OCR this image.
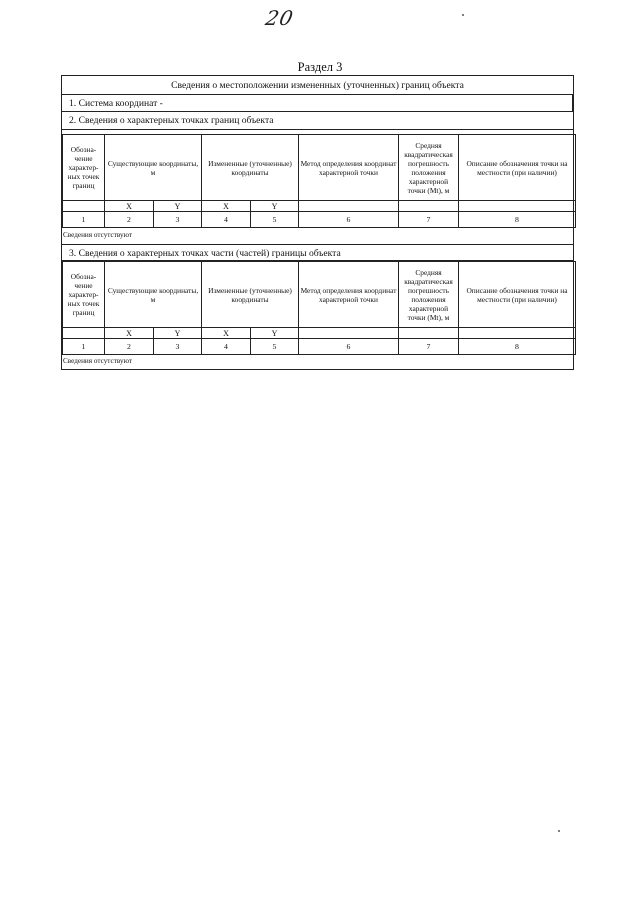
20
Раздел 3
Сведения о местоположении измененных (уточненных) границ объекта
1. Система координат -
2. Сведения о характерных точках границ объекта
Обозна-чение характер-ных точек границ	Существующие координаты, м		Измененные (уточненные) координаты		Метод определения координат характерной точки	Средняя квадратическая погрешность положения характерной точки (Mt), м	Описание обозначения точки на местности (при наличии)
	X	Y	X	Y			
1	2	3	4	5	6	7	8
Сведения отсутствуют
3. Сведения о характерных точках части (частей) границы объекта
Обозна-чение характер-ных точек границ	Существующие координаты, м		Измененные (уточненные) координаты		Метод определения координат характерной точки	Средняя квадратическая погрешность положения характерной точки (Mt), м	Описание обозначения точки на местности (при наличии)
	X	Y	X	Y			
1	2	3	4	5	6	7	8
Сведения отсутствуют
